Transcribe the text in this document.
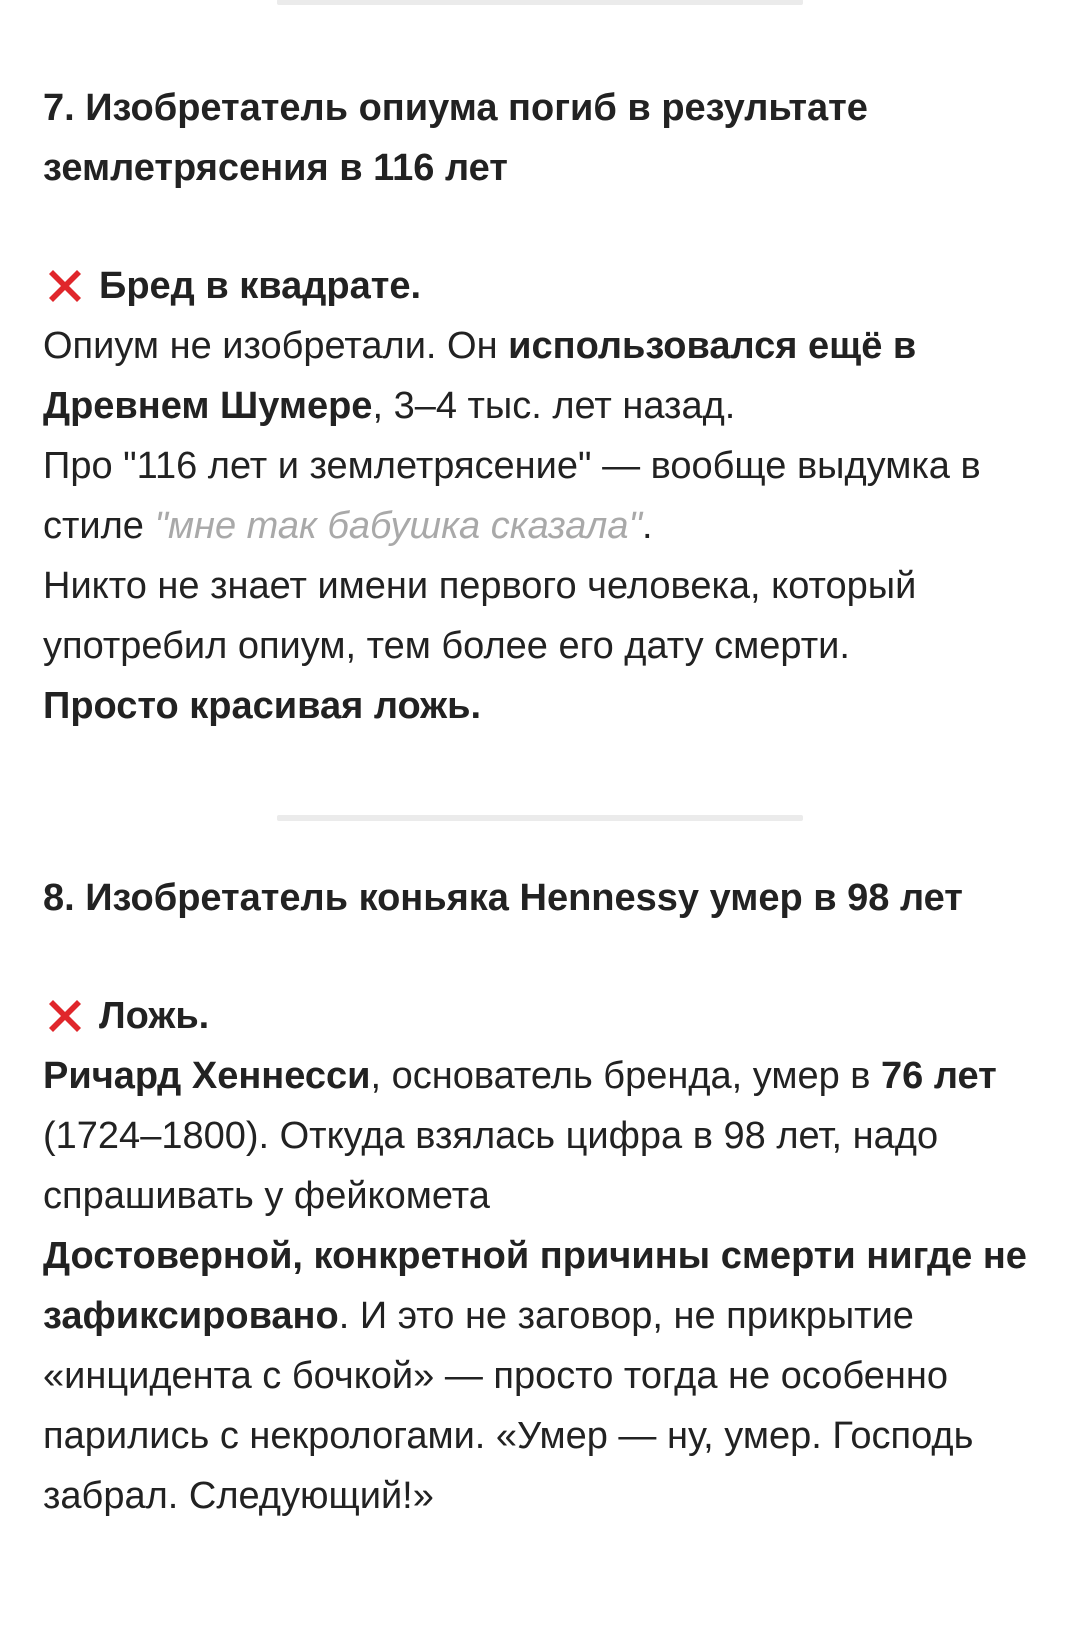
7. Изобретатель опиума погиб в результате
землетрясения в 116 лет
Бред в квадрате.

Опиум не изобретали. Он использовался ещё в Древнем Шумере, 3–4 тыс. лет назад.

Про "116 лет и землетрясение" — вообще выдумка в стиле "мне так бабушка сказала".

Никто не знает имени первого человека, который употребил опиум, тем более его дату смерти.

Просто красивая ложь.

8. Изобретатель коньяка Hennessy умер в 98 лет
Ложь.

Ричард Хеннесси, основатель бренда, умер в 76 лет (1724–1800). Откуда взялась цифра в 98 лет, надо спрашивать у фейкомета

Достоверной, конкретной причины смерти нигде не зафиксировано. И это не заговор, не прикрытие «инцидента с бочкой» — просто тогда не особенно парились с некрологами. «Умер — ну, умер. Господь забрал. Следующий!»
